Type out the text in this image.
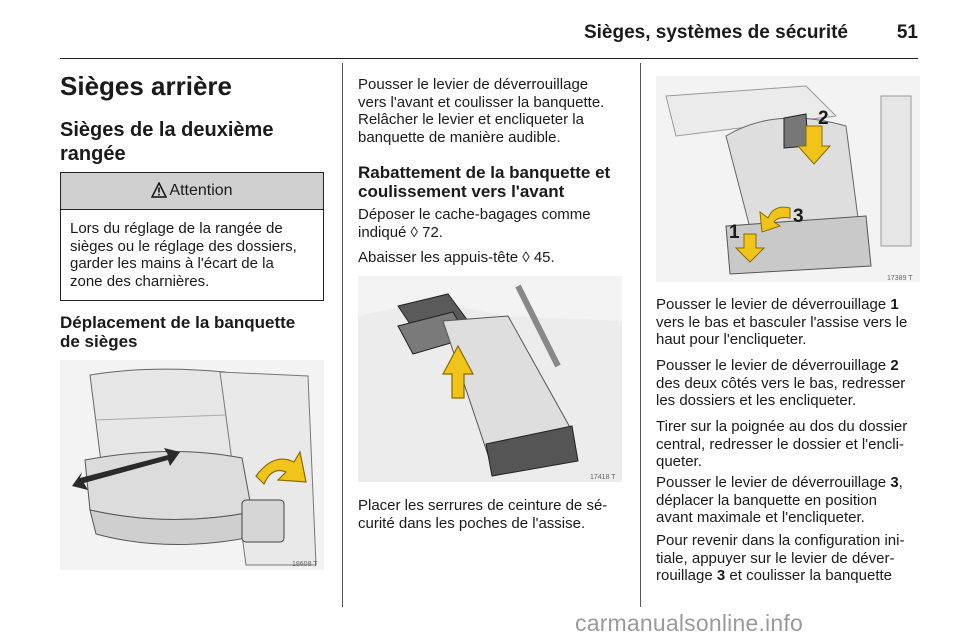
Sièges, systèmes de sécurité	51
Sièges arrière
Sièges de la deuxième
rangée
Attention
Lors du réglage de la rangée de
sièges ou le réglage des dossiers,
garder les mains à l'écart de la
zone des charnières.
Déplacement de la banquette
de sièges
18608 T
Pousser le levier de déverrouillage
vers l'avant et coulisser la banquette.
Relâcher le levier et encliqueter la
banquette de manière audible.
Rabattement de la banquette et
coulissement vers l'avant
Déposer le cache-bagages comme
indiqué ◊ 72.
Abaisser les appuis-tête ◊ 45.
17418 T
Placer les serrures de ceinture de sé-
curité dans les poches de l'assise.
2
3
1
17389 T
Pousser le levier de déverrouillage 1
vers le bas et basculer l'assise vers le
haut pour l'encliqueter.
Pousser le levier de déverrouillage 2
des deux côtés vers le bas, redresser
les dossiers et les encliqueter.
Tirer sur la poignée au dos du dossier
central, redresser le dossier et l'encli-
queter.
Pousser le levier de déverrouillage 3,
déplacer la banquette en position
avant maximale et l'encliqueter.
Pour revenir dans la configuration ini-
tiale, appuyer sur le levier de déver-
rouillage 3 et coulisser la banquette
carmanualsonline.info
